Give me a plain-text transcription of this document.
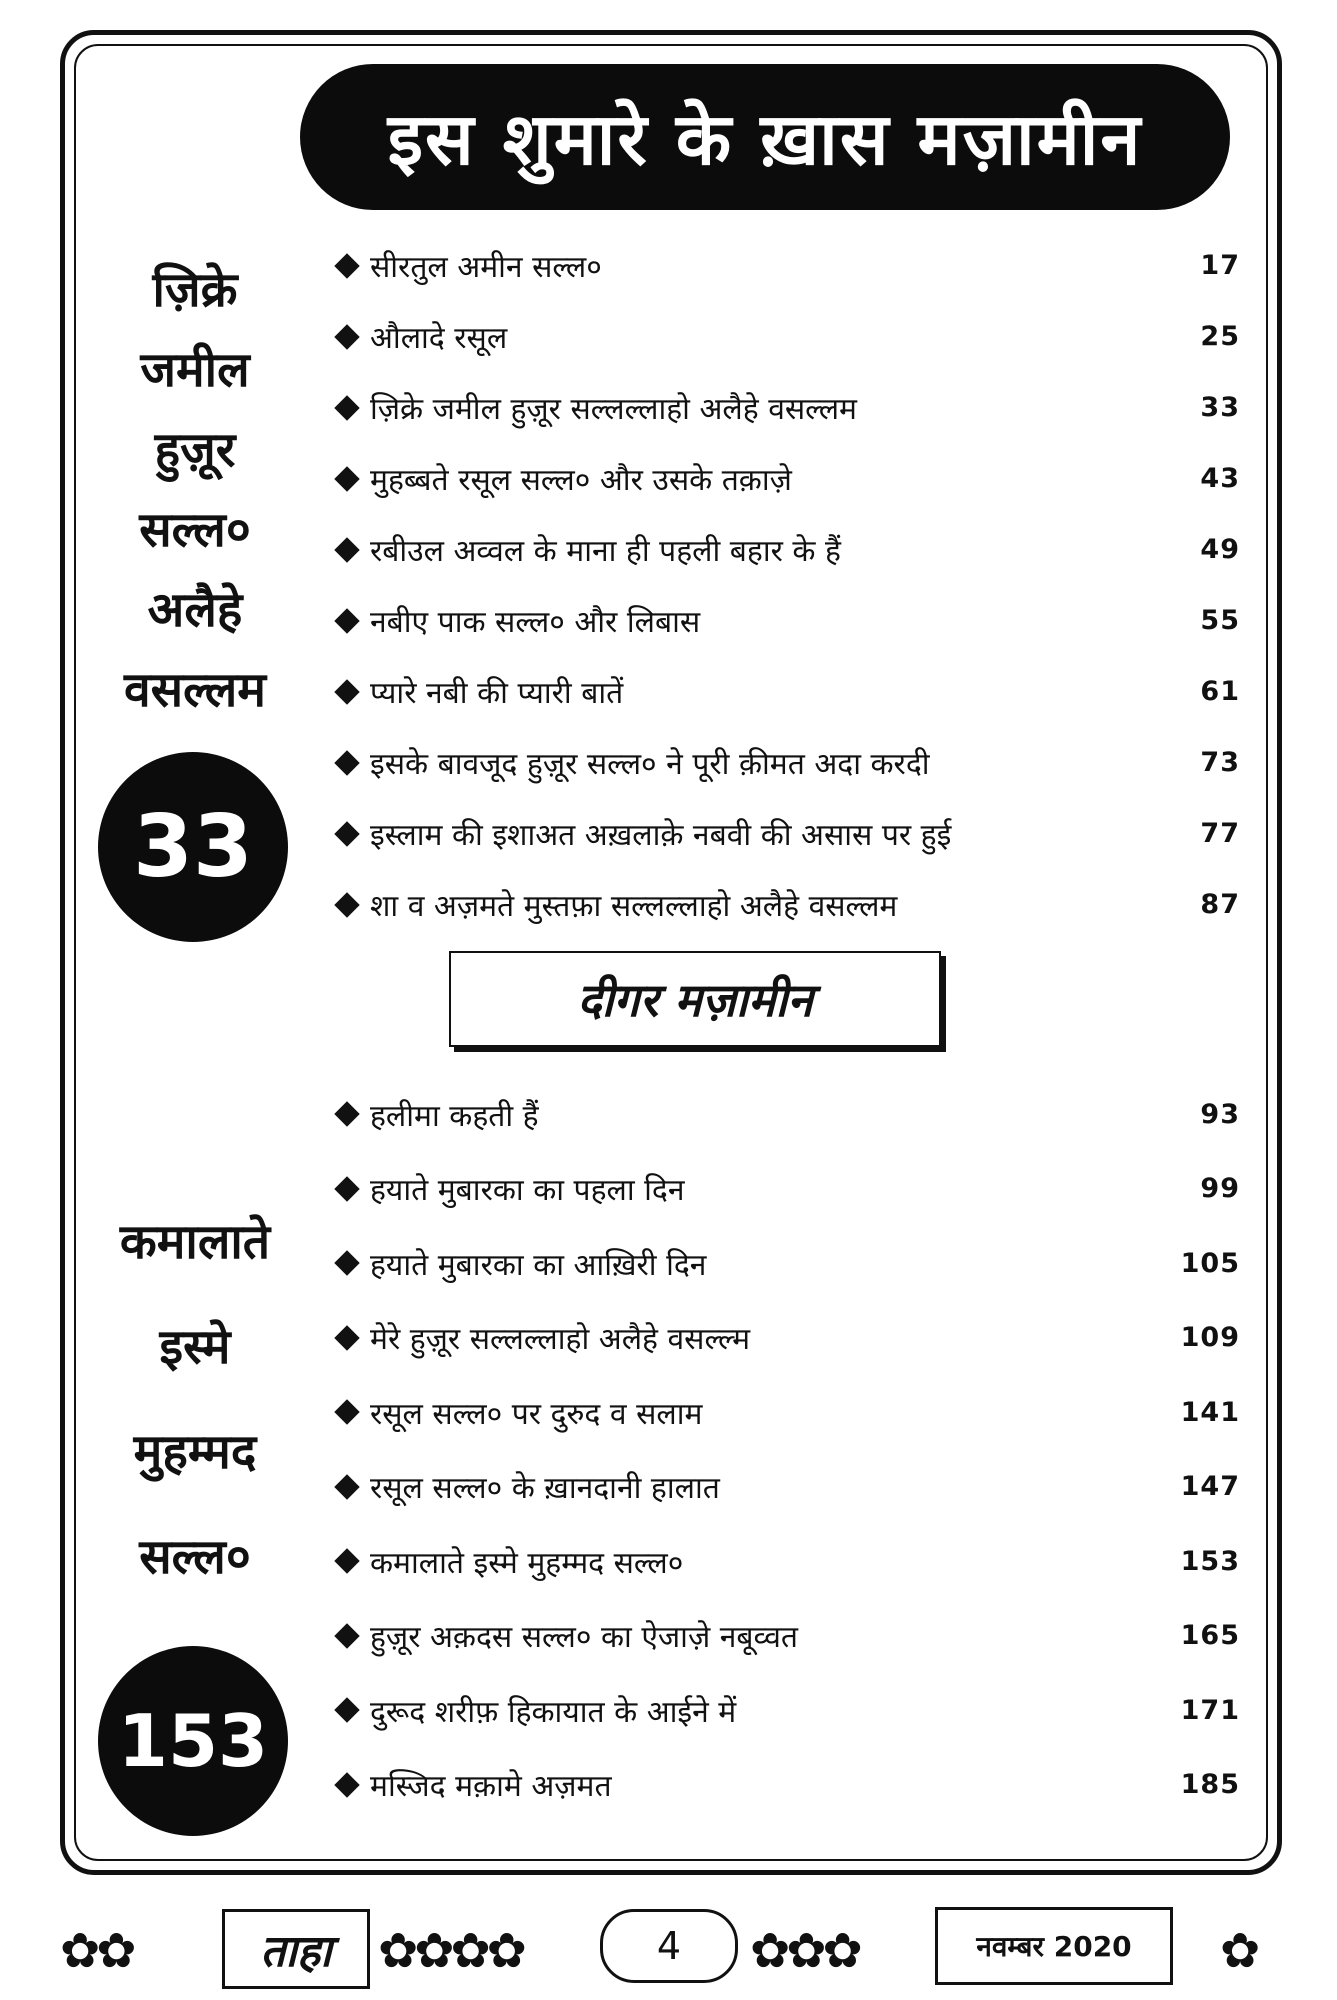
इस शुमारे के ख़ास मज़ामीन
ज़िक्रे
जमील
हुज़ूर
सल्ल०
अलैहे
वसल्लम
33
सीरतुल अमीन सल्ल०	17
औलादे रसूल	25
ज़िक्रे जमील हुज़ूर सल्लल्लाहो अलैहे वसल्लम	33
मुहब्बते रसूल सल्ल० और उसके तक़ाज़े	43
रबीउल अव्वल के माना ही पहली बहार के हैं	49
नबीए पाक सल्ल० और लिबास	55
प्यारे नबी की प्यारी बातें	61
इसके बावजूद हुज़ूर सल्ल० ने पूरी क़ीमत अदा करदी	73
इस्लाम की इशाअत अख़लाक़े नबवी की असास पर हुई	77
शा व अज़मते मुस्तफ़ा सल्लल्लाहो अलैहे वसल्लम	87
दीगर मज़ामीन
कमालाते
इस्मे
मुहम्मद
सल्ल०
153
हलीमा कहती हैं	93
हयाते मुबारका का पहला दिन	99
हयाते मुबारका का आख़िरी दिन	105
मेरे हुज़ूर सल्लल्लाहो अलैहे वसल्ल्म	109
रसूल सल्ल० पर दुरुद व सलाम	141
रसूल सल्ल० के ख़ानदानी हालात	147
कमालाते इस्मे मुहम्मद सल्ल०	153
हुज़ूर अक़दस सल्ल० का ऐजाज़े नबूव्वत	165
दुरूद शरीफ़ हिकायात के आईने में	171
मस्जिद मक़ामे अज़मत	185
✿✿	ताहा ✿✿✿✿	4 ✿✿✿	नवम्बर 2020 ✿
